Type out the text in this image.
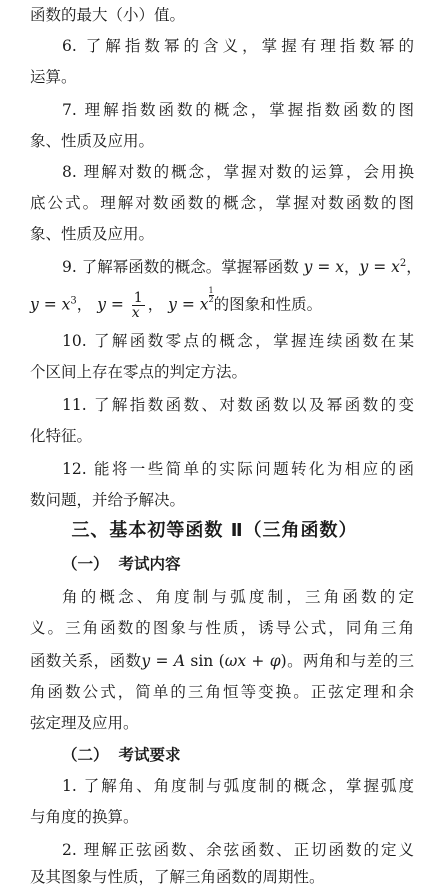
函数的最大（小）值。
6. 了解指数幂的含义，掌握有理指数幂的
运算。
7. 理解指数函数的概念，掌握指数函数的图
象、性质及应用。
8. 理解对数的概念，掌握对数的运算，会用换
底公式。理解对数函数的概念，掌握对数函数的图
象、性质及应用。
9. 了解幂函数的概念。掌握幂函数 y = x，$y = x^2$，
$y = x^3$， $y = \frac{1}{x}$ ， y = x $\frac{1}{2}$ 的图象和性质。
10. 了解函数零点的概念，掌握连续函数在某
个区间上存在零点的判定方法。
11. 了解指数函数、对数函数以及幂函数的变
化特征。
12. 能将一些简单的实际问题转化为相应的函
数问题，并给予解决。
三、基本初等函数 Ⅱ（三角函数）
（一） 考试内容
角的概念、角度制与弧度制，三角函数的定
义。三角函数的图象与性质，诱导公式，同角三角
函数关系，函数y = A sin (ωx + φ)。两角和与差的三
角函数公式，简单的三角恒等变换。正弦定理和余
弦定理及应用。
（二） 考试要求
1. 了解角、角度制与弧度制的概念，掌握弧度
与角度的换算。
2. 理解正弦函数、余弦函数、正切函数的定义
及其图象与性质，了解三角函数的周期性。
